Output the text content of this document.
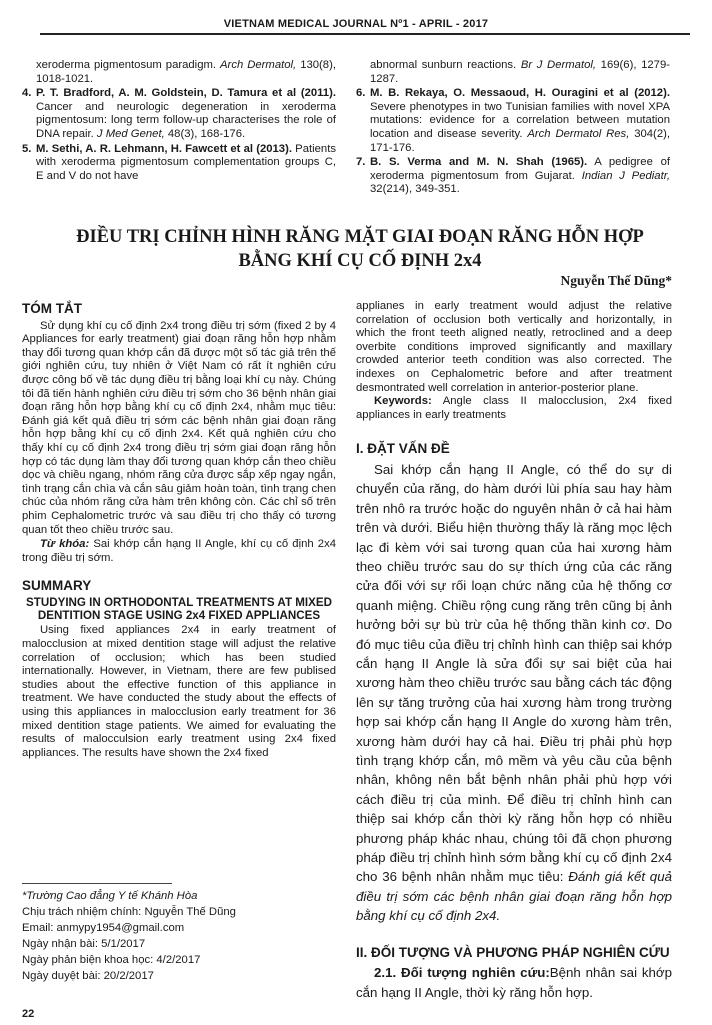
VIETNAM MEDICAL JOURNAL Nº1 - APRIL - 2017
xeroderma pigmentosum paradigm. Arch Dermatol, 130(8), 1018-1021.
4. P. T. Bradford, A. M. Goldstein, D. Tamura et al (2011). Cancer and neurologic degeneration in xeroderma pigmentosum: long term follow-up characterises the role of DNA repair. J Med Genet, 48(3), 168-176.
5. M. Sethi, A. R. Lehmann, H. Fawcett et al (2013). Patients with xeroderma pigmentosum complementation groups C, E and V do not have
abnormal sunburn reactions. Br J Dermatol, 169(6), 1279-1287.
6. M. B. Rekaya, O. Messaoud, H. Ouragini et al (2012). Severe phenotypes in two Tunisian families with novel XPA mutations: evidence for a correlation between mutation location and disease severity. Arch Dermatol Res, 304(2), 171-176.
7. B. S. Verma and M. N. Shah (1965). A pedigree of xeroderma pigmentosum from Gujarat. Indian J Pediatr, 32(214), 349-351.
ĐIỀU TRỊ CHỈNH HÌNH RĂNG MẶT GIAI ĐOẠN RĂNG HỖN HỢP
BẰNG KHÍ CỤ CỐ ĐỊNH 2x4
Nguyễn Thế Dũng*
TÓM TẮT
Sử dụng khí cụ cố định 2x4 trong điều trị sớm (fixed 2 by 4 Appliances for early treatment) giai đoạn răng hỗn hợp nhằm thay đổi tương quan khớp cắn đã được một số tác giả trên thế giới nghiên cứu, tuy nhiên ở Việt Nam có rất ít nghiên cứu được công bố về tác dụng điều trị bằng loại khí cụ này. Chúng tôi đã tiến hành nghiên cứu điều trị sớm cho 36 bệnh nhân giai đoạn răng hỗn hợp bằng khí cụ cố định 2x4, nhằm mục tiêu: Đánh giá kết quả điều trị sớm các bệnh nhân giai đoạn răng hỗn hợp bằng khí cụ cố định 2x4. Kết quả nghiên cứu cho thấy khí cụ cố định 2x4 trong điều trị sớm giai đoạn răng hỗn hợp có tác dụng làm thay đổi tương quan khớp cắn theo chiều dọc và chiều ngang, nhóm răng cửa được sắp xếp ngay ngắn, tình trạng cắn chìa và cắn sâu giảm hoàn toàn, tình trạng chen chúc của nhóm răng cửa hàm trên không còn. Các chỉ số trên phim Cephalometric trước và sau điều trị cho thấy có tương quan tốt theo chiều trước sau.
Từ khóa: Sai khớp cắn hạng II Angle, khí cụ cố định 2x4 trong điều trị sớm.
SUMMARY
STUDYING IN ORTHODONTAL TREATMENTS AT MIXED DENTITION STAGE USING 2x4 FIXED APPLIANCES
Using fixed appliances 2x4 in early treatment of malocclusion at mixed dentition stage will adjust the relative correlation of occlusion; which has been studied internationally. However, in Vietnam, there are few publised studies about the effective function of this appliance in treatment. We have conducted the study about the effects of using this appliances in malocclusion early treatment for 36 mixed dentition stage patients. We aimed for evaluating the results of malocculsion early treatment using 2x4 fixed appliances. The results have shown the 2x4 fixed
applianes in early treatment would adjust the relative correlation of occlusion both vertically and horizontally, in which the front teeth aligned neatly, retroclined and a deep overbite conditions improved significantly and maxillary crowded anterior teeth condition was also corrected. The indexes on Cephalometric before and after treatment desmontrated well correlation in anterior-posterior plane.
Keywords: Angle class II malocclusion, 2x4 fixed appliances in early treatments
I. ĐẶT VẤN ĐỀ
Sai khớp cắn hạng II Angle, có thể do sự di chuyển của răng, do hàm dưới lùi phía sau hay hàm trên nhô ra trước hoặc do nguyên nhân ở cả hai hàm trên và dưới. Biểu hiện thường thấy là răng mọc lệch lạc đi kèm với sai tương quan của hai xương hàm theo chiều trước sau do sự thích ứng của các răng cửa đối với sự rối loạn chức năng của hệ thống cơ quanh miệng. Chiều rộng cung răng trên cũng bị ảnh hưởng bởi sự bù trừ của hệ thống thần kinh cơ. Do đó mục tiêu của điều trị chỉnh hình can thiệp sai khớp cắn hạng II Angle là sửa đổi sự sai biệt của hai xương hàm theo chiều trước sau bằng cách tác động lên sự tăng trưởng của hai xương hàm trong trường hợp sai khớp cắn hạng II Angle do xương hàm trên, xương hàm dưới hay cả hai. Điều trị phải phù hợp tình trạng khớp cắn, mô mềm và yêu cầu của bệnh nhân, không nên bắt bệnh nhân phải phù hợp với cách điều trị của mình. Để điều trị chỉnh hình can thiệp sai khớp cắn thời kỳ răng hỗn hợp có nhiều phương pháp khác nhau, chúng tôi đã chọn phương pháp điều trị chỉnh hình sớm bằng khí cụ cố định 2x4 cho 36 bệnh nhân nhằm mục tiêu: Đánh giá kết quả điều trị sớm các bệnh nhân giai đoạn răng hỗn hợp bằng khí cụ cố định 2x4.
II. ĐỐI TƯỢNG VÀ PHƯƠNG PHÁP NGHIÊN CỨU
2.1. Đối tượng nghiên cứu:Bệnh nhân sai khớp cắn hạng II Angle, thời kỳ răng hỗn hợp.
*Trường Cao đẳng Y tế Khánh Hòa
Chịu trách nhiệm chính: Nguyễn Thế Dũng
Email: anmypy1954@gmail.com
Ngày nhận bài: 5/1/2017
Ngày phản biện khoa học: 4/2/2017
Ngày duyệt bài: 20/2/2017
22
